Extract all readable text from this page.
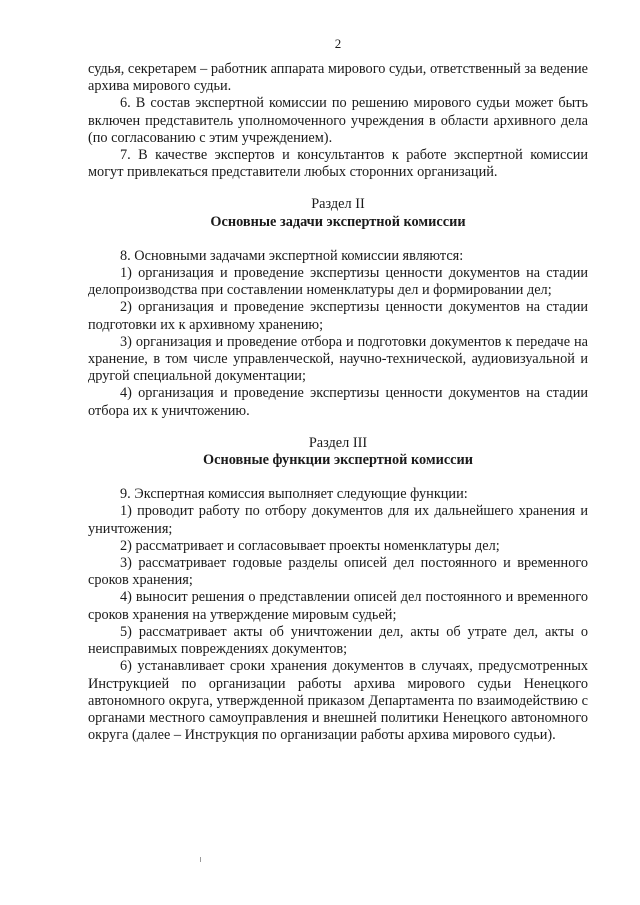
2

судья, секретарем – работник аппарата мирового судьи, ответственный за ведение архива мирового судьи.

6. В состав экспертной комиссии по решению мирового судьи может быть включен представитель уполномоченного учреждения в области архивного дела (по согласованию с этим учреждением).

7. В качестве экспертов и консультантов к работе экспертной комиссии могут привлекаться представители любых сторонних организаций.

Раздел II
Основные задачи экспертной комиссии

8. Основными задачами экспертной комиссии являются:

1) организация и проведение экспертизы ценности документов на стадии делопроизводства при составлении номенклатуры дел и формировании дел;

2) организация и проведение экспертизы ценности документов на стадии подготовки их к архивному хранению;

3) организация и проведение отбора и подготовки документов к передаче на хранение, в том числе управленческой, научно-технической, аудиовизуальной и другой специальной документации;

4) организация и проведение экспертизы ценности документов на стадии отбора их к уничтожению.

Раздел III
Основные функции экспертной комиссии

9. Экспертная комиссия выполняет следующие функции:

1) проводит работу по отбору документов для их дальнейшего хранения и уничтожения;

2) рассматривает и согласовывает проекты номенклатуры дел;

3) рассматривает годовые разделы описей дел постоянного и временного сроков хранения;

4) выносит решения о представлении описей дел постоянного и временного сроков хранения на утверждение мировым судьей;

5) рассматривает акты об уничтожении дел, акты об утрате дел, акты о неисправимых повреждениях документов;

6) устанавливает сроки хранения документов в случаях, предусмотренных Инструкцией по организации работы архива мирового судьи Ненецкого автономного округа, утвержденной приказом Департамента по взаимодействию с органами местного самоуправления и внешней политики Ненецкого автономного округа (далее – Инструкция по организации работы архива мирового судьи).
